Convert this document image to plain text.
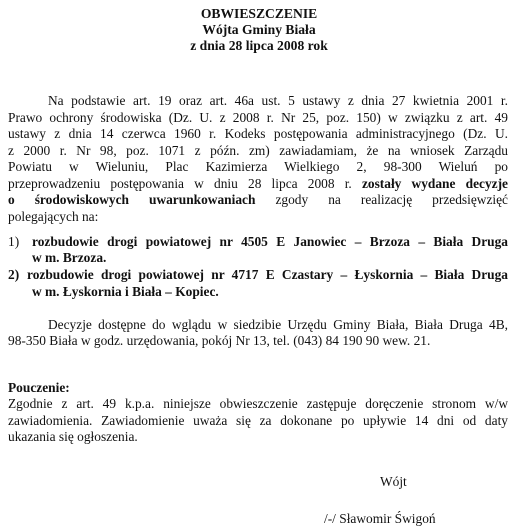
OBWIESZCZENIE
Wójta Gminy Biała
z dnia 28 lipca 2008 rok
Na podstawie art. 19 oraz art. 46a ust. 5 ustawy z dnia 27 kwietnia 2001 r.
Prawo ochrony środowiska (Dz. U. z 2008 r. Nr 25, poz. 150) w związku z art. 49
ustawy z dnia 14 czerwca 1960 r. Kodeks postępowania administracyjnego (Dz. U.
z 2000 r. Nr 98, poz. 1071 z późn. zm) zawiadamiam, że na wniosek Zarządu
Powiatu w Wieluniu, Plac Kazimierza Wielkiego 2, 98-300 Wieluń po
przeprowadzeniu postępowania w dniu 28 lipca 2008 r. zostały wydane decyzje
o środowiskowych uwarunkowaniach zgody na realizację przedsięwzięć
polegających na:
1) rozbudowie drogi powiatowej nr 4505 E Janowiec – Brzoza – Biała Druga
w m. Brzoza.
2) rozbudowie drogi powiatowej nr 4717 E Czastary – Łyskornia – Biała Druga
w m. Łyskornia i Biała – Kopiec.
Decyzje dostępne do wglądu w siedzibie Urzędu Gminy Biała, Biała Druga 4B,
98-350 Biała w godz. urzędowania, pokój Nr 13, tel. (043) 84 190 90 wew. 21.
Pouczenie:
Zgodnie z art. 49 k.p.a. niniejsze obwieszczenie zastępuje doręczenie stronom w/w
zawiadomienia. Zawiadomienie uważa się za dokonane po upływie 14 dni od daty
ukazania się ogłoszenia.
Wójt
/-/ Sławomir Świgoń
